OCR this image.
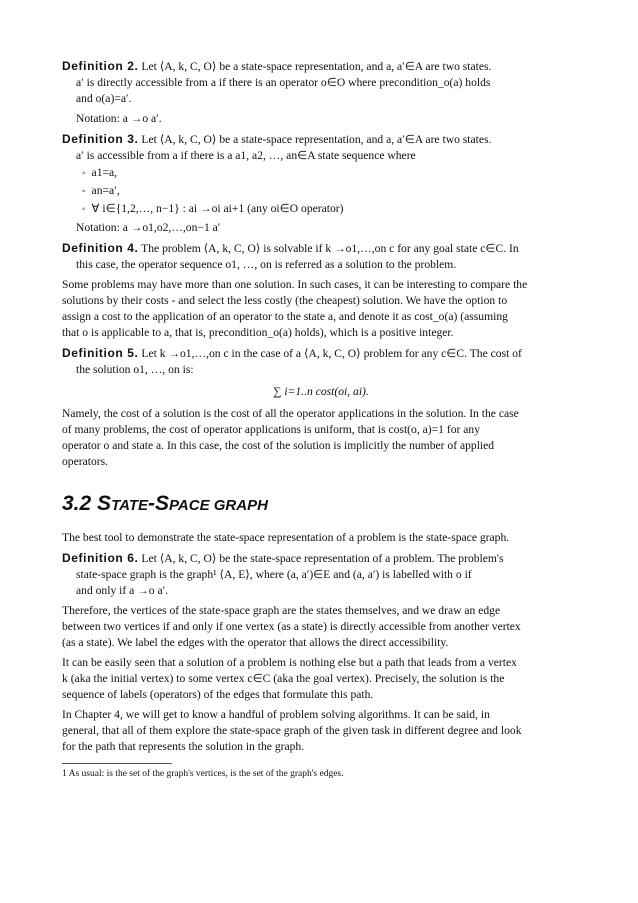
Definition 2. Let ⟨A, k, C, O⟩ be a state-space representation, and a, a′∈A are two states.

a′ is directly accessible from a if there is an operator o∈O where precondition_o(a) holds

and o(a)=a′.

Notation: a →o a′.

Definition 3. Let ⟨A, k, C, O⟩ be a state-space representation, and a, a′∈A are two states.

a′ is accessible from a if there is a a1, a2, …, an∈A state sequence where

◦ a1=a,

◦ an=a′,

◦ ∀ i∈{1,2,…, n−1} : ai →oi ai+1 (any oi∈O operator)

Notation: a →o1,o2,…,on−1 a′

Definition 4. The problem ⟨A, k, C, O⟩ is solvable if k →o1,…,on c for any goal state c∈C. In

this case, the operator sequence o1, …, on is referred as a solution to the problem.

Some problems may have more than one solution. In such cases, it can be interesting to compare the

solutions by their costs - and select the less costly (the cheapest) solution. We have the option to

assign a cost to the application of an operator to the state a, and denote it as cost_o(a) (assuming

that o is applicable to a, that is, precondition_o(a) holds), which is a positive integer.

Definition 5. Let k →o1,…,on c in the case of a ⟨A, k, C, O⟩ problem for any c∈C. The cost of

the solution o1, …, on is:

∑ i=1..n cost(oi, ai).

Namely, the cost of a solution is the cost of all the operator applications in the solution. In the case

of many problems, the cost of operator applications is uniform, that is cost(o, a)=1 for any

operator o and state a. In this case, the cost of the solution is implicitly the number of applied

operators.

3.2 STATE-SPACE GRAPH

The best tool to demonstrate the state-space representation of a problem is the state-space graph.

Definition 6. Let ⟨A, k, C, O⟩ be the state-space representation of a problem. The problem's

state-space graph is the graph¹ ⟨A, E⟩, where (a, a′)∈E and (a, a′) is labelled with o if

and only if a →o a′.

Therefore, the vertices of the state-space graph are the states themselves, and we draw an edge

between two vertices if and only if one vertex (as a state) is directly accessible from another vertex

(as a state). We label the edges with the operator that allows the direct accessibility.

It can be easily seen that a solution of a problem is nothing else but a path that leads from a vertex

k (aka the initial vertex) to some vertex c∈C (aka the goal vertex). Precisely, the solution is the

sequence of labels (operators) of the edges that formulate this path.

In Chapter 4, we will get to know a handful of problem solving algorithms. It can be said, in

general, that all of them explore the state-space graph of the given task in different degree and look

for the path that represents the solution in the graph.

1 As usual: is the set of the graph's vertices, is the set of the graph's edges.
